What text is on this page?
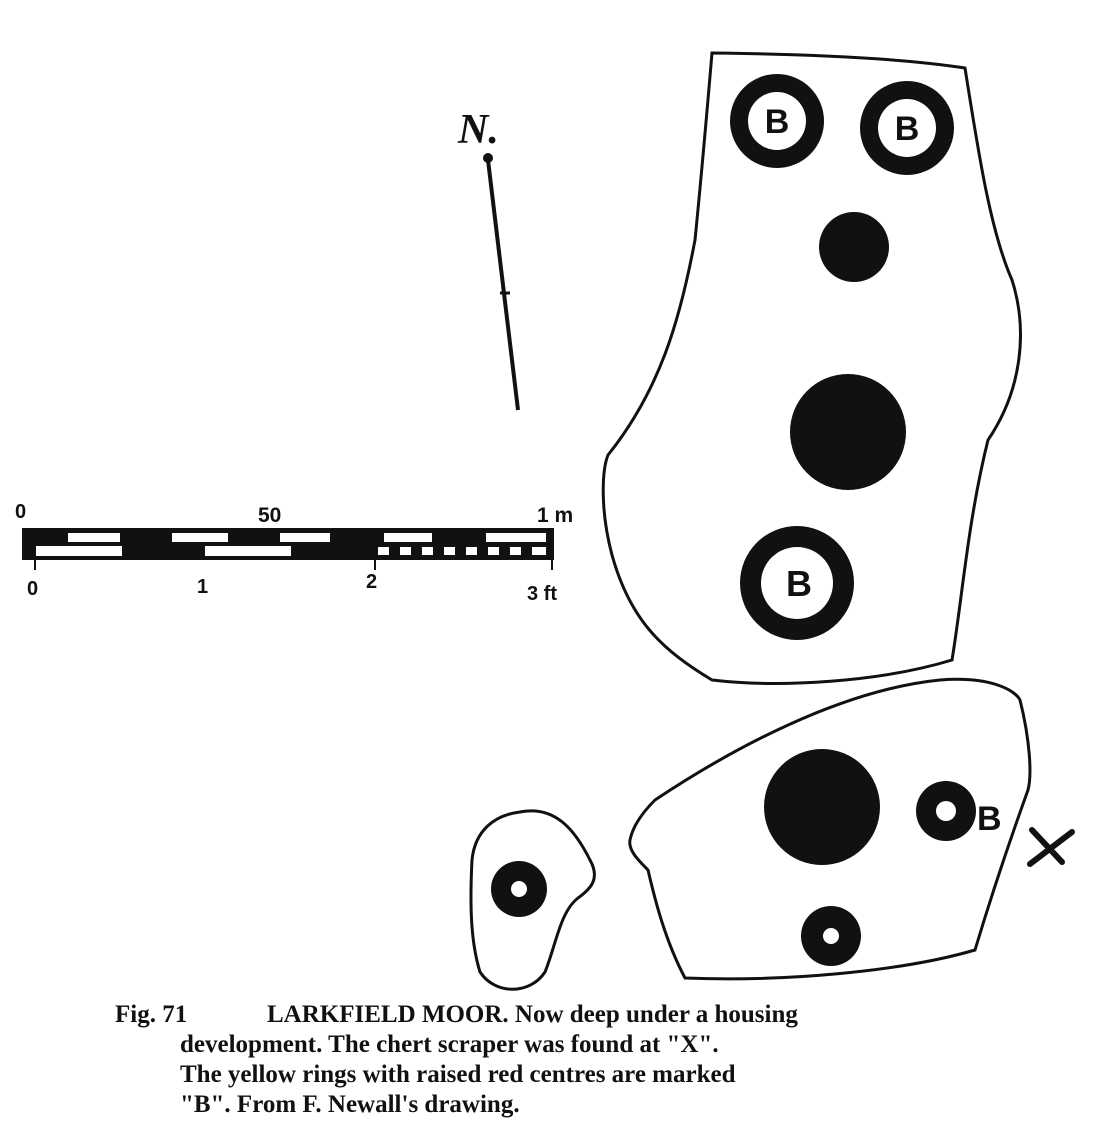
N.
0	50	1 m
0	1	2
3 ft
B	B
B
B
Fig. 71	LARKFIELD MOOR. Now deep under a housing
development. The chert scraper was found at "X".
The yellow rings with raised red centres are marked
"B". From F. Newall's drawing.
